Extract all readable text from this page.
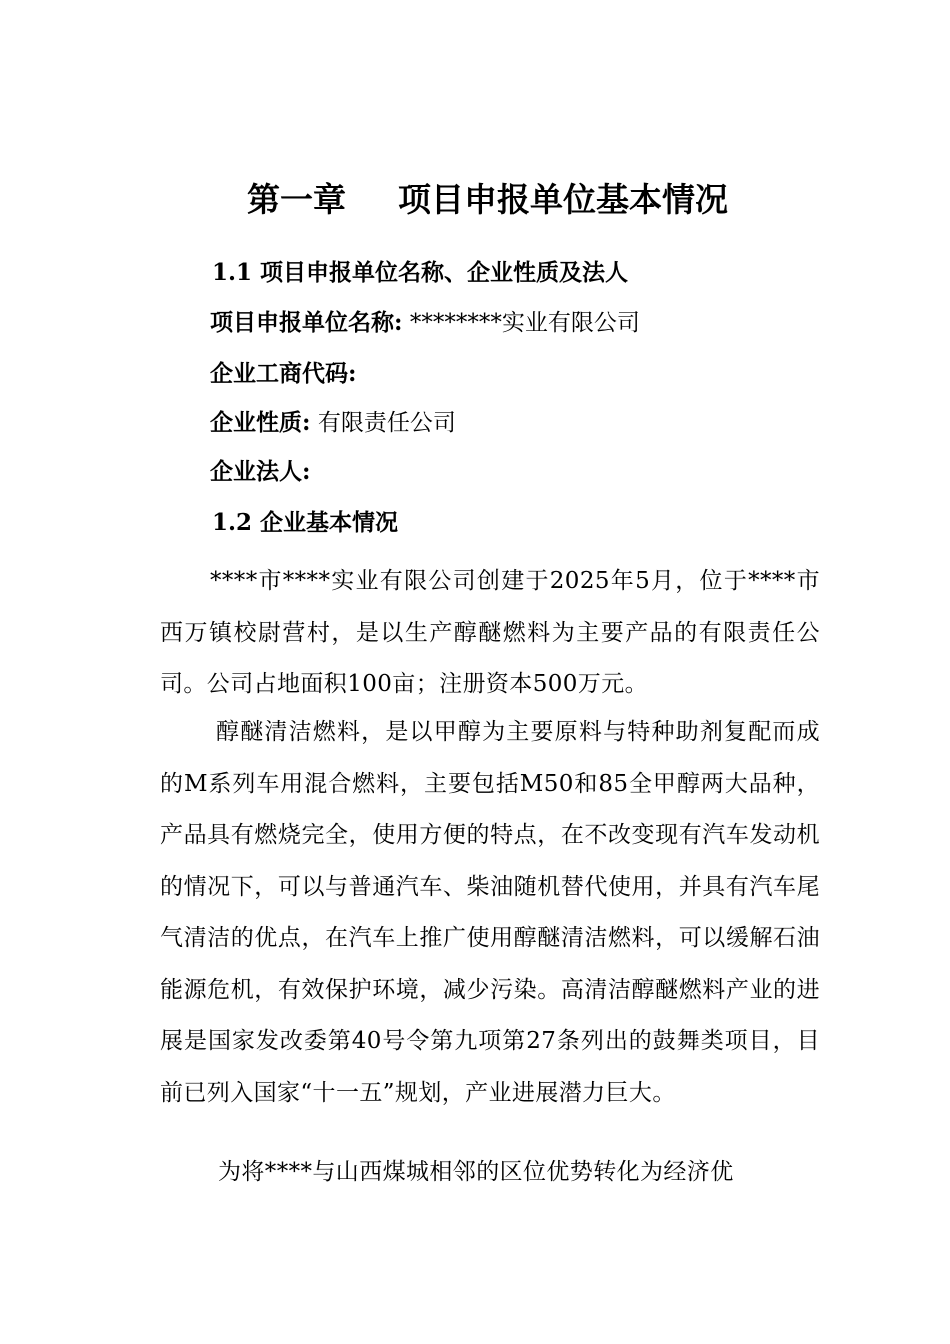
第一章 项目申报单位基本情况
1.1 项目申报单位名称、企业性质及法人
项目申报单位名称: ********实业有限公司
企业工商代码:
企业性质: 有限责任公司
企业法人:
1.2 企业基本情况

****市****实业有限公司创建于2025年5月，位于****市西万镇校尉营村，是以生产醇醚燃料为主要产品的有限责任公司。公司占地面积100亩；注册资本500万元。

醇醚清洁燃料，是以甲醇为主要原料与特种助剂复配而成的M系列车用混合燃料，主要包括M50和85全甲醇两大品种，产品具有燃烧完全，使用方便的特点，在不改变现有汽车发动机的情况下，可以与普通汽车、柴油随机替代使用，并具有汽车尾气清洁的优点，在汽车上推广使用醇醚清洁燃料，可以缓解石油能源危机，有效保护环境，减少污染。高清洁醇醚燃料产业的进展是国家发改委第40号令第九项第27条列出的鼓舞类项目，目前已列入国家“十一五”规划，产业进展潜力巨大。

为将****与山西煤城相邻的区位优势转化为经济优
